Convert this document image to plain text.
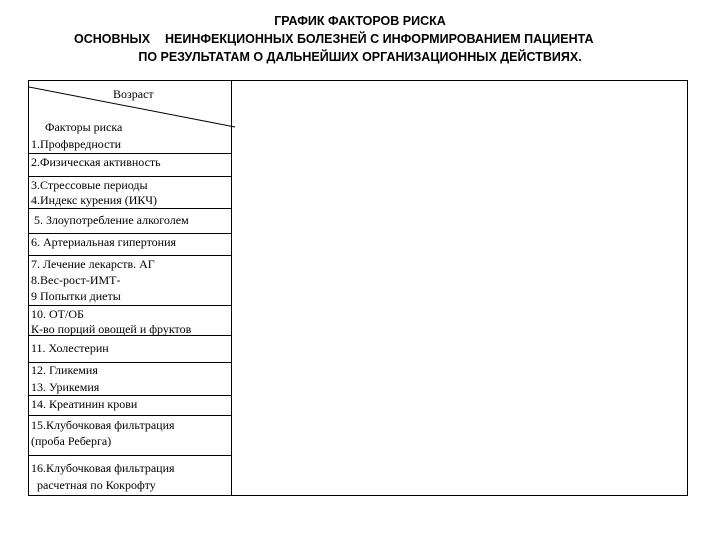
ГРАФИК ФАКТОРОВ РИСКА
ОСНОВНЫХ НЕИНФЕКЦИОННЫХ БОЛЕЗНЕЙ С ИНФОРМИРОВАНИЕМ ПАЦИЕНТА
ПО РЕЗУЛЬТАТАМ О ДАЛЬНЕЙШИХ ОРГАНИЗАЦИОННЫХ ДЕЙСТВИЯХ.
Возраст
Факторы риска
1.Профвредности
2.Физическая активность
3.Стрессовые периоды
4.Индекс курения (ИКЧ)
5. Злоупотребление алкоголем
6. Артериальная гипертония
7. Лечение лекарств. АГ
8.Вес-рост-ИМТ-
9 Попытки диеты
10. ОТ/ОБ
К-во порций овощей и фруктов
11. Холестерин
12. Гликемия
13. Урикемия
14. Креатинин крови
15.Клубочковая фильтрация
(проба Реберга)
16.Клубочковая фильтрация
расчетная по Кокрофту
